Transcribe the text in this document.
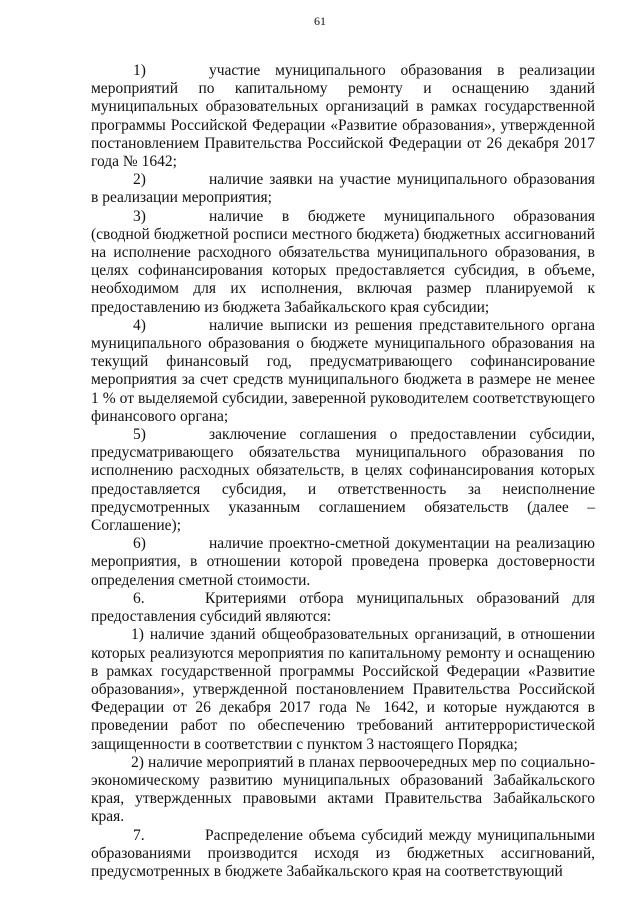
61

1)	участие муниципального образования в реализации мероприятий по капитальному ремонту и оснащению зданий муниципальных образовательных организаций в рамках государственной программы Российской Федерации «Развитие образования», утвержденной постановлением Правительства Российской Федерации от 26 декабря 2017 года № 1642;

2)	наличие заявки на участие муниципального образования в реализации мероприятия;

3)	наличие в бюджете муниципального образования (сводной бюджетной росписи местного бюджета) бюджетных ассигнований на исполнение расходного обязательства муниципального образования, в целях софинансирования которых предоставляется субсидия, в объеме, необходимом для их исполнения, включая размер планируемой к предоставлению из бюджета Забайкальского края субсидии;

4)	наличие выписки из решения представительного органа муниципального образования о бюджете муниципального образования на текущий финансовый год, предусматривающего софинансирование мероприятия за счет средств муниципального бюджета в размере не менее 1 % от выделяемой субсидии, заверенной руководителем соответствующего финансового органа;

5)	заключение соглашения о предоставлении субсидии, предусматривающего обязательства муниципального образования по исполнению расходных обязательств, в целях софинансирования которых предоставляется субсидия, и ответственность за неисполнение предусмотренных указанным соглашением обязательств (далее – Соглашение);

6)	наличие проектно-сметной документации на реализацию мероприятия, в отношении которой проведена проверка достоверности определения сметной стоимости.

6.	Критериями отбора муниципальных образований для предоставления субсидий являются:

1) наличие зданий общеобразовательных организаций, в отношении которых реализуются мероприятия по капитальному ремонту и оснащению в рамках государственной программы Российской Федерации «Развитие образования», утвержденной постановлением Правительства Российской Федерации от 26 декабря 2017 года № 1642, и которые нуждаются в проведении работ по обеспечению требований антитеррористической защищенности в соответствии с пунктом 3 настоящего Порядка;

2) наличие мероприятий в планах первоочередных мер по социально-экономическому развитию муниципальных образований Забайкальского края, утвержденных правовыми актами Правительства Забайкальского края.

7.	Распределение объема субсидий между муниципальными образованиями производится исходя из бюджетных ассигнований, предусмотренных в бюджете Забайкальского края на соответствующий
